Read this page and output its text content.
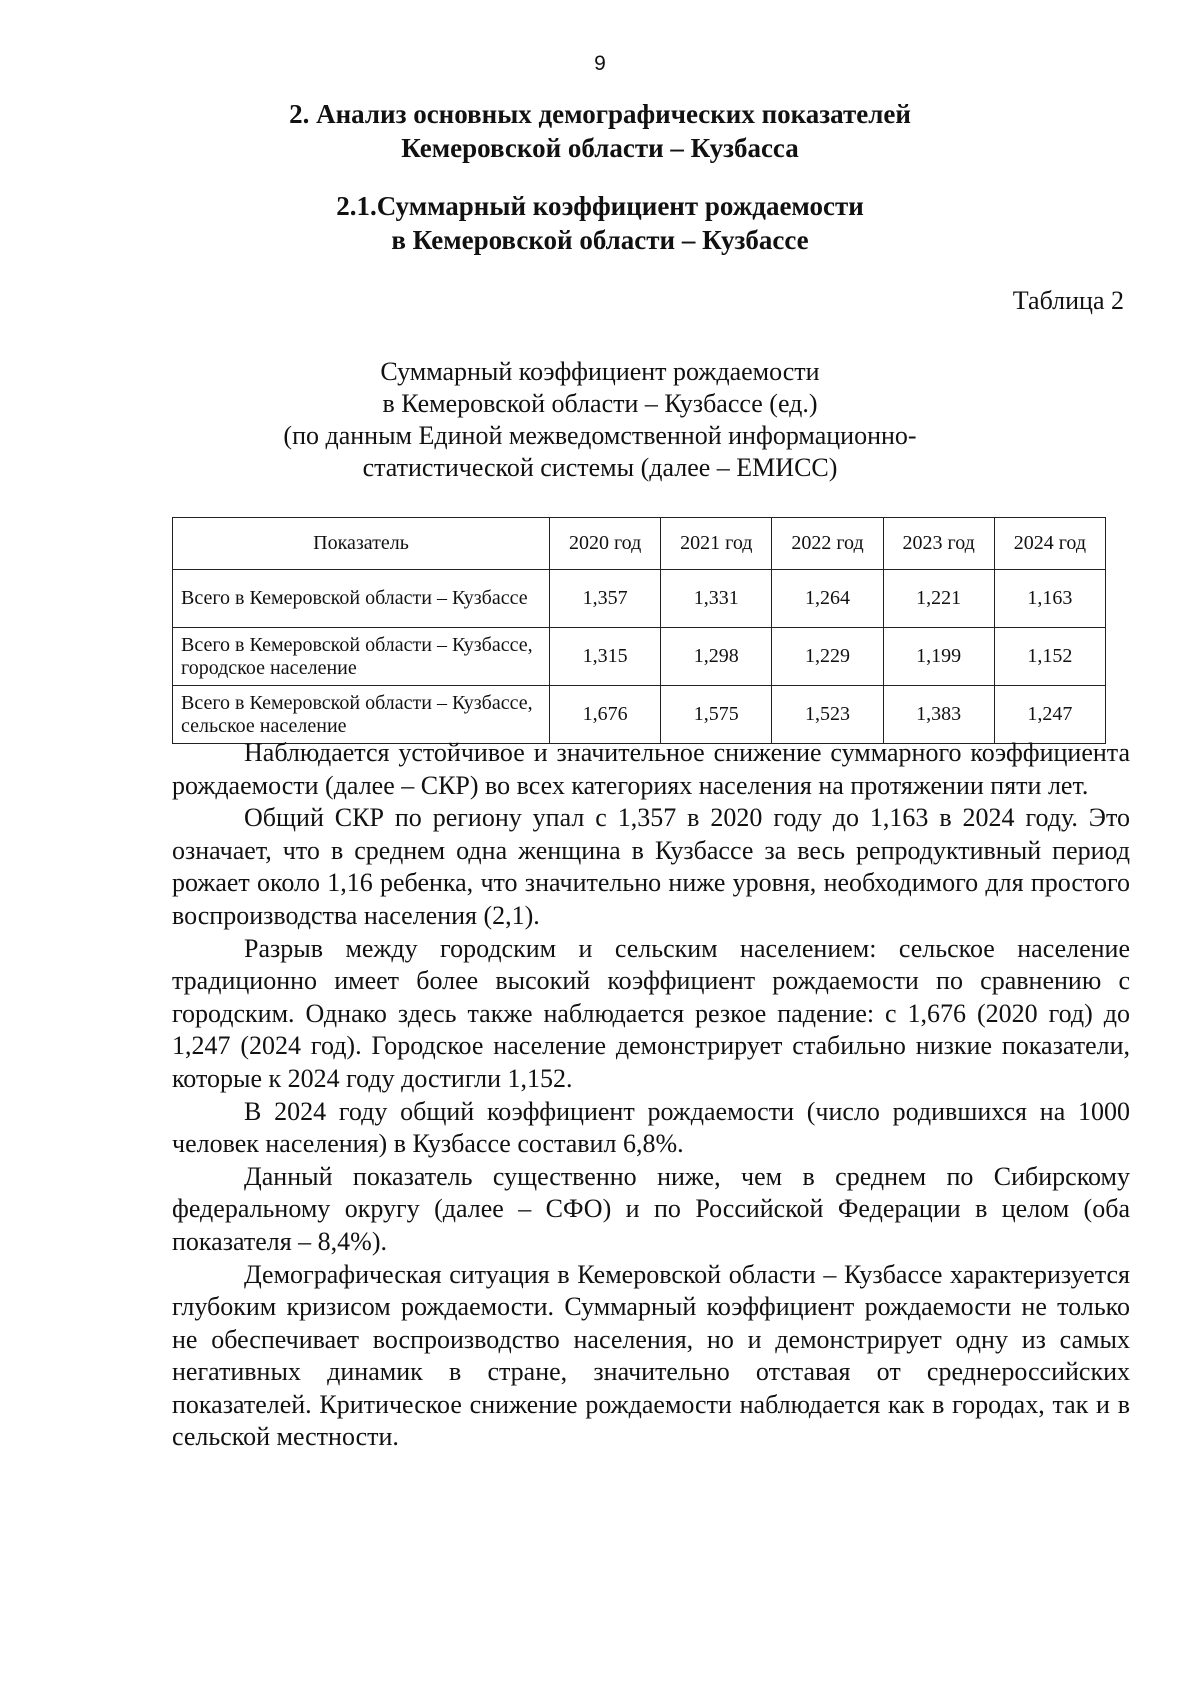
9
2. Анализ основных демографических показателей
Кемеровской области – Кузбасса
2.1.Суммарный коэффициент рождаемости
в Кемеровской области – Кузбассе
Таблица 2
Суммарный коэффициент рождаемости
в Кемеровской области – Кузбассе (ед.)
(по данным Единой межведомственной информационно-
статистической системы (далее – ЕМИСС)
Показатель	2020 год	2021 год	2022 год	2023 год	2024 год
Всего в Кемеровской области – Кузбассе	1,357	1,331	1,264	1,221	1,163
Всего в Кемеровской области – Кузбассе, городское население	1,315	1,298	1,229	1,199	1,152
Всего в Кемеровской области – Кузбассе, сельское население	1,676	1,575	1,523	1,383	1,247

Наблюдается устойчивое и значительное снижение суммарного коэффициента рождаемости (далее – СКР) во всех категориях населения на протяжении пяти лет.

Общий СКР по региону упал с 1,357 в 2020 году до 1,163 в 2024 году. Это означает, что в среднем одна женщина в Кузбассе за весь репродуктивный период рожает около 1,16 ребенка, что значительно ниже уровня, необходимого для простого воспроизводства населения (2,1).

Разрыв между городским и сельским населением: сельское население традиционно имеет более высокий коэффициент рождаемости по сравнению с городским. Однако здесь также наблюдается резкое падение: с 1,676 (2020 год) до 1,247 (2024 год). Городское население демонстрирует стабильно низкие показатели, которые к 2024 году достигли 1,152.

В 2024 году общий коэффициент рождаемости (число родившихся на 1000 человек населения) в Кузбассе составил 6,8%.

Данный показатель существенно ниже, чем в среднем по Сибирскому федеральному округу (далее – СФО) и по Российской Федерации в целом (оба показателя – 8,4%).

Демографическая ситуация в Кемеровской области – Кузбассе характеризуется глубоким кризисом рождаемости. Суммарный коэффициент рождаемости не только не обеспечивает воспроизводство населения, но и демонстрирует одну из самых негативных динамик в стране, значительно отставая от среднероссийских показателей. Критическое снижение рождаемости наблюдается как в городах, так и в сельской местности.
